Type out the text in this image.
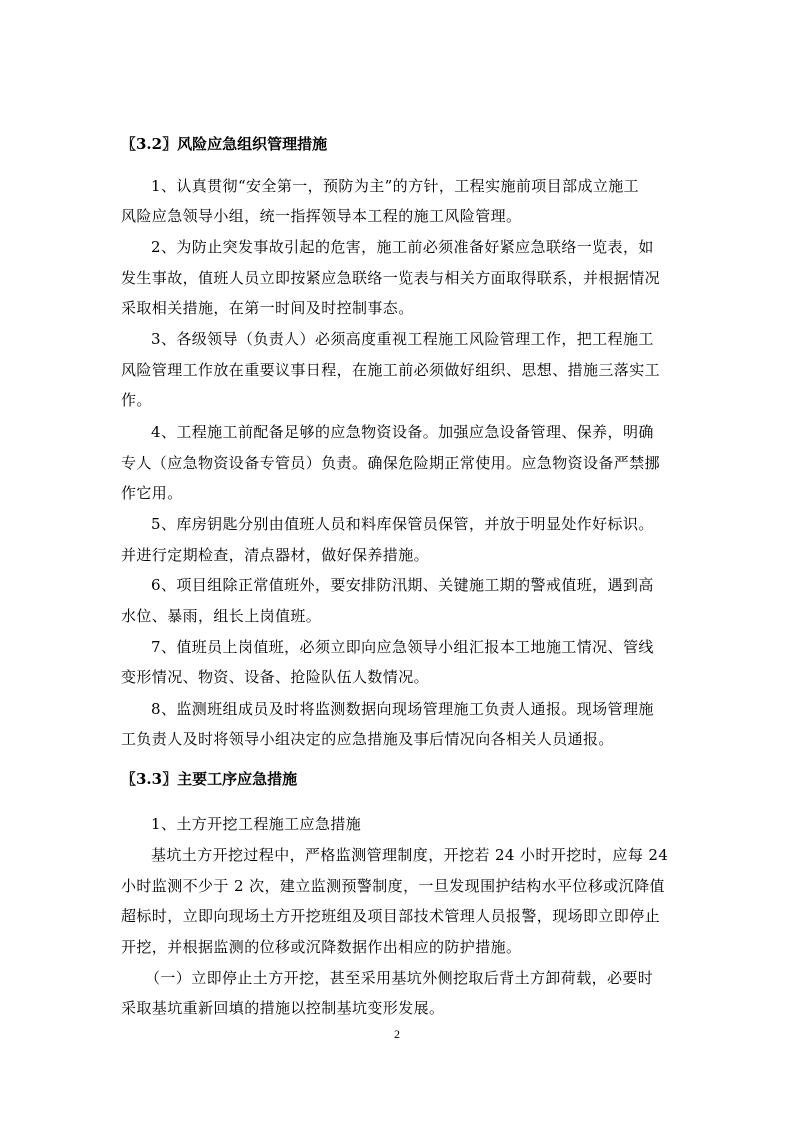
〖3.2〗风险应急组织管理措施
1、认真贯彻“安全第一，预防为主”的方针，工程实施前项目部成立施工
风险应急领导小组，统一指挥领导本工程的施工风险管理。
2、为防止突发事故引起的危害，施工前必须准备好紧应急联络一览表，如
发生事故，值班人员立即按紧应急联络一览表与相关方面取得联系，并根据情况
采取相关措施，在第一时间及时控制事态。
3、各级领导（负责人）必须高度重视工程施工风险管理工作，把工程施工
风险管理工作放在重要议事日程，在施工前必须做好组织、思想、措施三落实工
作。
4、工程施工前配备足够的应急物资设备。加强应急设备管理、保养，明确
专人（应急物资设备专管员）负责。确保危险期正常使用。应急物资设备严禁挪
作它用。
5、库房钥匙分别由值班人员和料库保管员保管，并放于明显处作好标识。
并进行定期检查，清点器材，做好保养措施。
6、项目组除正常值班外，要安排防汛期、关键施工期的警戒值班，遇到高
水位、暴雨，组长上岗值班。
7、值班员上岗值班，必须立即向应急领导小组汇报本工地施工情况、管线
变形情况、物资、设备、抢险队伍人数情况。
8、监测班组成员及时将监测数据向现场管理施工负责人通报。现场管理施
工负责人及时将领导小组决定的应急措施及事后情况向各相关人员通报。
〖3.3〗主要工序应急措施
1、土方开挖工程施工应急措施
基坑土方开挖过程中，严格监测管理制度，开挖若 24 小时开挖时，应每 24
小时监测不少于 2 次，建立监测预警制度，一旦发现围护结构水平位移或沉降值
超标时，立即向现场土方开挖班组及项目部技术管理人员报警，现场即立即停止
开挖，并根据监测的位移或沉降数据作出相应的防护措施。
（一）立即停止土方开挖，甚至采用基坑外侧挖取后背土方卸荷载，必要时
采取基坑重新回填的措施以控制基坑变形发展。
2
